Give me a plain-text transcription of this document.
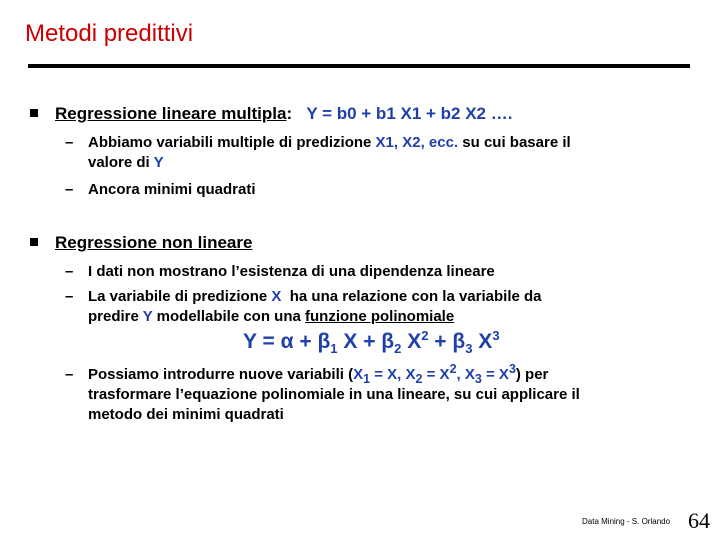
Metodi predittivi
Regressione lineare multipla: Y = b0 + b1 X1 + b2 X2 ….
– Abbiamo variabili multiple di predizione X1, X2, ecc. su cui basare il
valore di Y
– Ancora minimi quadrati
Regressione non lineare
– I dati non mostrano l’esistenza di una dipendenza lineare
– La variabile di predizione X  ha una relazione con la variabile da
predire Y modellabile con una funzione polinomiale
$Y = \alpha + \beta_1$ $X + \beta_2$ $X^2 + \beta_3$ $X^3$
– Possiamo introdurre nuove variabili ($X_1 = X$, $X_2 = X^2$, $X_3 = X^3$) per
trasformare l’equazione polinomiale in una lineare, su cui applicare il
metodo dei minimi quadrati
Data Mining - S. Orlando 64
